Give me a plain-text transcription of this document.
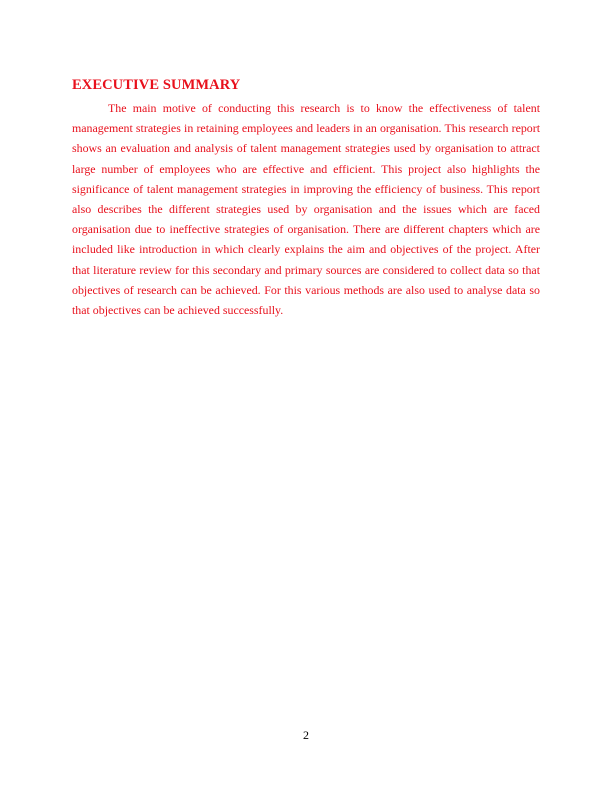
EXECUTIVE SUMMARY

The main motive of conducting this research is to know the effectiveness of talent management strategies in retaining employees and leaders in an organisation. This research report shows an evaluation and analysis of talent management strategies used by organisation to attract large number of employees who are effective and efficient. This project also highlights the significance of talent management strategies in improving the efficiency of business. This report also describes the different strategies used by organisation and the issues which are faced organisation due to ineffective strategies of organisation. There are different chapters which are included like introduction in which clearly explains the aim and objectives of the project. After that literature review for this secondary and primary sources are considered to collect data so that objectives of research can be achieved. For this various methods are also used to analyse data so that objectives can be achieved successfully.

2
